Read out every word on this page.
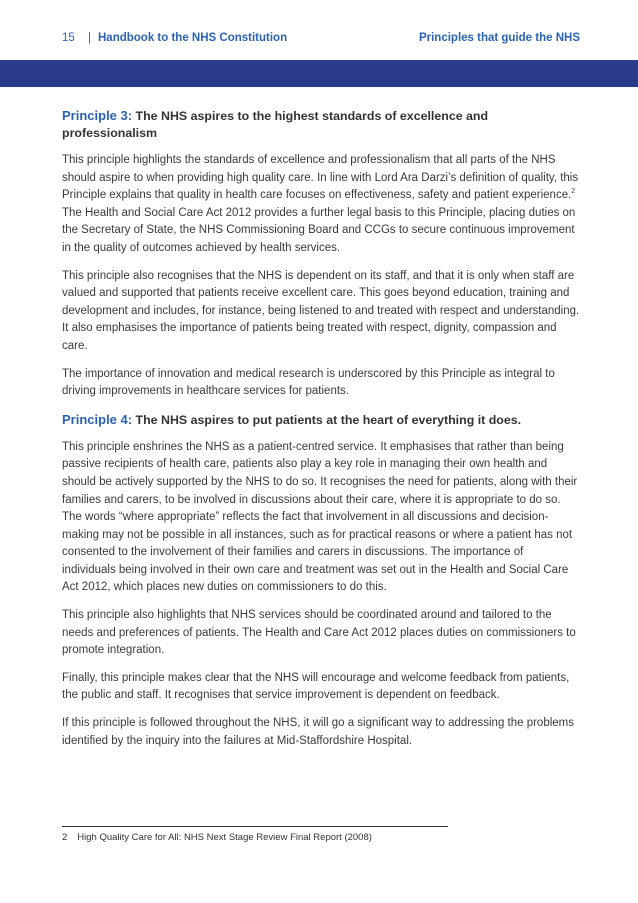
15 | Handbook to the NHS Constitution	Principles that guide the NHS
Principle 3: The NHS aspires to the highest standards of excellence and professionalism

This principle highlights the standards of excellence and professionalism that all parts of the NHS should aspire to when providing high quality care. In line with Lord Ara Darzi’s definition of quality, this Principle explains that quality in health care focuses on effectiveness, safety and patient experience.$^2$ The Health and Social Care Act 2012 provides a further legal basis to this Principle, placing duties on the Secretary of State, the NHS Commissioning Board and CCGs to secure continuous improvement in the quality of outcomes achieved by health services.

This principle also recognises that the NHS is dependent on its staff, and that it is only when staff are valued and supported that patients receive excellent care. This goes beyond education, training and development and includes, for instance, being listened to and treated with respect and understanding. It also emphasises the importance of patients being treated with respect, dignity, compassion and care.

The importance of innovation and medical research is underscored by this Principle as integral to driving improvements in healthcare services for patients.

Principle 4: The NHS aspires to put patients at the heart of everything it does.

This principle enshrines the NHS as a patient-centred service. It emphasises that rather than being passive recipients of health care, patients also play a key role in managing their own health and should be actively supported by the NHS to do so. It recognises the need for patients, along with their families and carers, to be involved in discussions about their care, where it is appropriate to do so. The words “where appropriate” reflects the fact that involvement in all discussions and decision-making may not be possible in all instances, such as for practical reasons or where a patient has not consented to the involvement of their families and carers in discussions. The importance of individuals being involved in their own care and treatment was set out in the Health and Social Care Act 2012, which places new duties on commissioners to do this.

This principle also highlights that NHS services should be coordinated around and tailored to the needs and preferences of patients. The Health and Care Act 2012 places duties on commissioners to promote integration.

Finally, this principle makes clear that the NHS will encourage and welcome feedback from patients, the public and staff. It recognises that service improvement is dependent on feedback.

If this principle is followed throughout the NHS, it will go a significant way to addressing the problems identified by the inquiry into the failures at Mid-Staffordshire Hospital.

2 High Quality Care for All: NHS Next Stage Review Final Report (2008)
